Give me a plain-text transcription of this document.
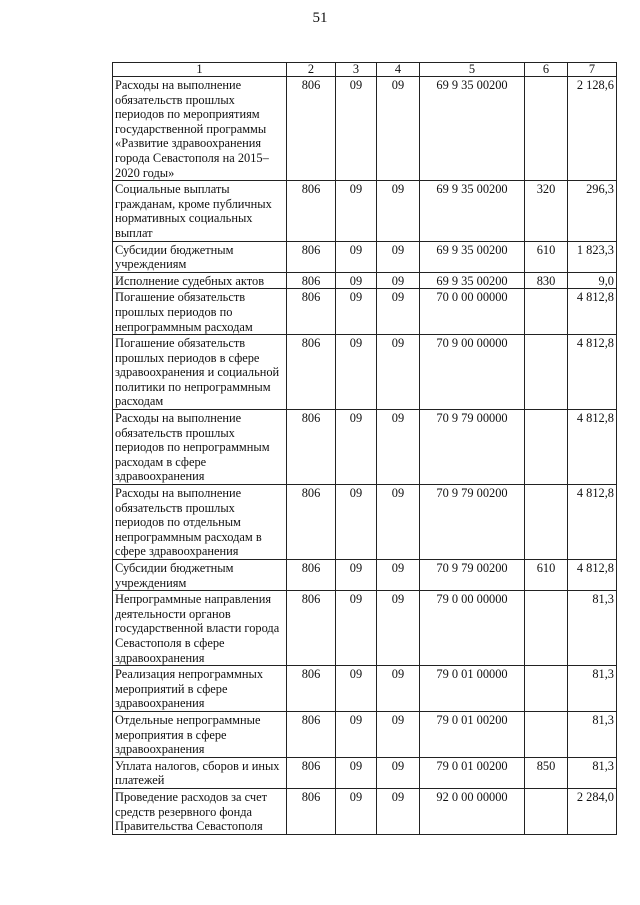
51
1	2	3	4	5	6	7
Расходы на выполнение обязательств прошлых периодов по мероприятиям государственной программы «Развитие здравоохранения города Севастополя на 2015–2020 годы»	806	09	09	69 9 35 00200		2 128,6
Социальные выплаты гражданам, кроме публичных нормативных социальных выплат	806	09	09	69 9 35 00200	320	296,3
Субсидии бюджетным учреждениям	806	09	09	69 9 35 00200	610	1 823,3
Исполнение судебных актов	806	09	09	69 9 35 00200	830	9,0
Погашение обязательств прошлых периодов по непрограммным расходам	806	09	09	70 0 00 00000		4 812,8
Погашение обязательств прошлых периодов в сфере здравоохранения и социальной политики по непрограммным расходам	806	09	09	70 9 00 00000		4 812,8
Расходы на выполнение обязательств прошлых периодов по непрограммным расходам в сфере здравоохранения	806	09	09	70 9 79 00000		4 812,8
Расходы на выполнение обязательств прошлых периодов по отдельным непрограммным расходам в сфере здравоохранения	806	09	09	70 9 79 00200		4 812,8
Субсидии бюджетным учреждениям	806	09	09	70 9 79 00200	610	4 812,8
Непрограммные направления деятельности органов государственной власти города Севастополя в сфере здравоохранения	806	09	09	79 0 00 00000		81,3
Реализация непрограммных мероприятий в сфере здравоохранения	806	09	09	79 0 01 00000		81,3
Отдельные непрограммные мероприятия в сфере здравоохранения	806	09	09	79 0 01 00200		81,3
Уплата налогов, сборов и иных платежей	806	09	09	79 0 01 00200	850	81,3
Проведение расходов за счет средств резервного фонда Правительства Севастополя	806	09	09	92 0 00 00000		2 284,0
